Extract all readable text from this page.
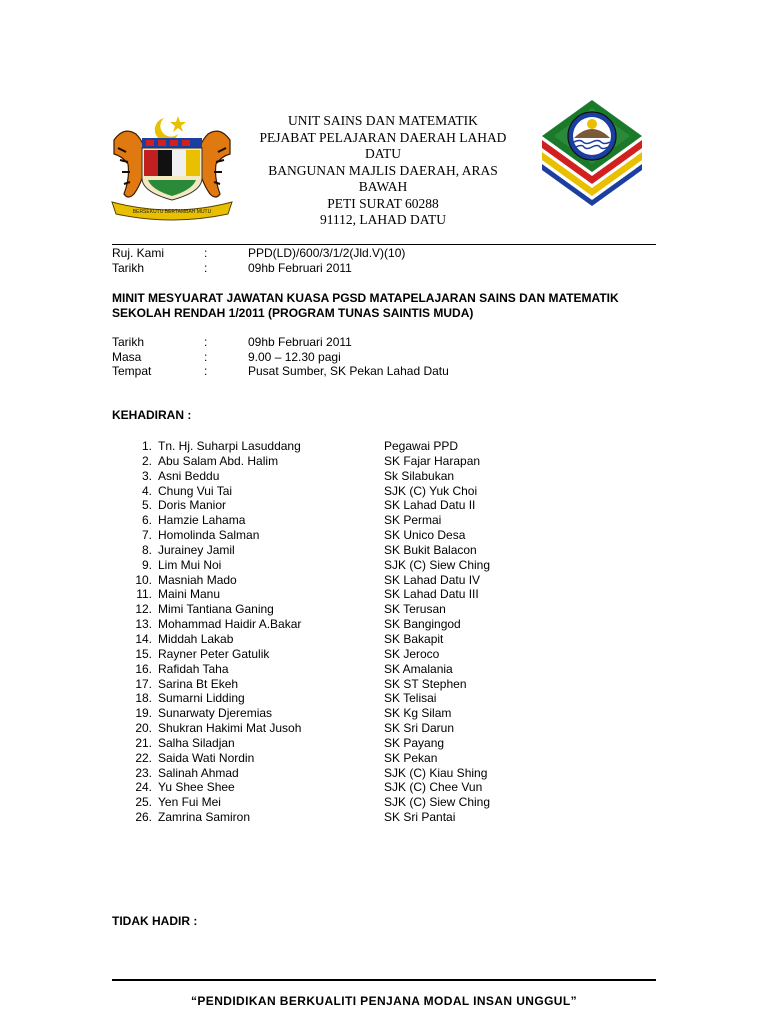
BERSEKUTU BERTAMBAH MUTU
UNIT SAINS DAN MATEMATIK
PEJABAT PELAJARAN DAERAH LAHAD
DATU
BANGUNAN MAJLIS DAERAH, ARAS
BAWAH
PETI SURAT 60288
91112, LAHAD DATU
.
Ruj. Kami	:	PPD(LD)/600/3/1/2(Jld.V)(10)
Tarikh	:	09hb Februari 2011
MINIT MESYUARAT JAWATAN KUASA PGSD MATAPELAJARAN SAINS DAN MATEMATIK
SEKOLAH RENDAH 1/2011 (PROGRAM TUNAS SAINTIS MUDA)
Tarikh	:	09hb Februari 2011
Masa	:	9.00 – 12.30 pagi
Tempat	:	Pusat Sumber, SK Pekan Lahad Datu
KEHADIRAN :
1. Tn. Hj. Suharpi Lasuddang	Pegawai PPD
2. Abu Salam Abd. Halim	SK Fajar Harapan
3. Asni Beddu	Sk Silabukan
4. Chung Vui Tai	SJK (C) Yuk Choi
5. Doris Manior	SK Lahad Datu II
6. Hamzie Lahama	SK Permai
7. Homolinda Salman	SK Unico Desa
8. Jurainey Jamil	SK Bukit Balacon
9. Lim Mui Noi	SJK (C) Siew Ching
10. Masniah Mado	SK Lahad Datu IV
11. Maini Manu	SK Lahad Datu III
12. Mimi Tantiana Ganing	SK Terusan
13. Mohammad Haidir A.Bakar	SK Bangingod
14. Middah Lakab	SK Bakapit
15. Rayner Peter Gatulik	SK Jeroco
16. Rafidah Taha	SK Amalania
17. Sarina Bt Ekeh	SK ST Stephen
18. Sumarni Lidding	SK Telisai
19. Sunarwaty Djeremias	SK Kg Silam
20. Shukran Hakimi Mat Jusoh	SK Sri Darun
21. Salha Siladjan	SK Payang
22. Saida Wati Nordin	SK Pekan
23. Salinah Ahmad	SJK (C) Kiau Shing
24. Yu Shee Shee	SJK (C) Chee Vun
25. Yen Fui Mei	SJK (C) Siew Ching
26. Zamrina Samiron	SK Sri Pantai
TIDAK HADIR :
“PENDIDIKAN BERKUALITI PENJANA MODAL INSAN UNGGUL”
